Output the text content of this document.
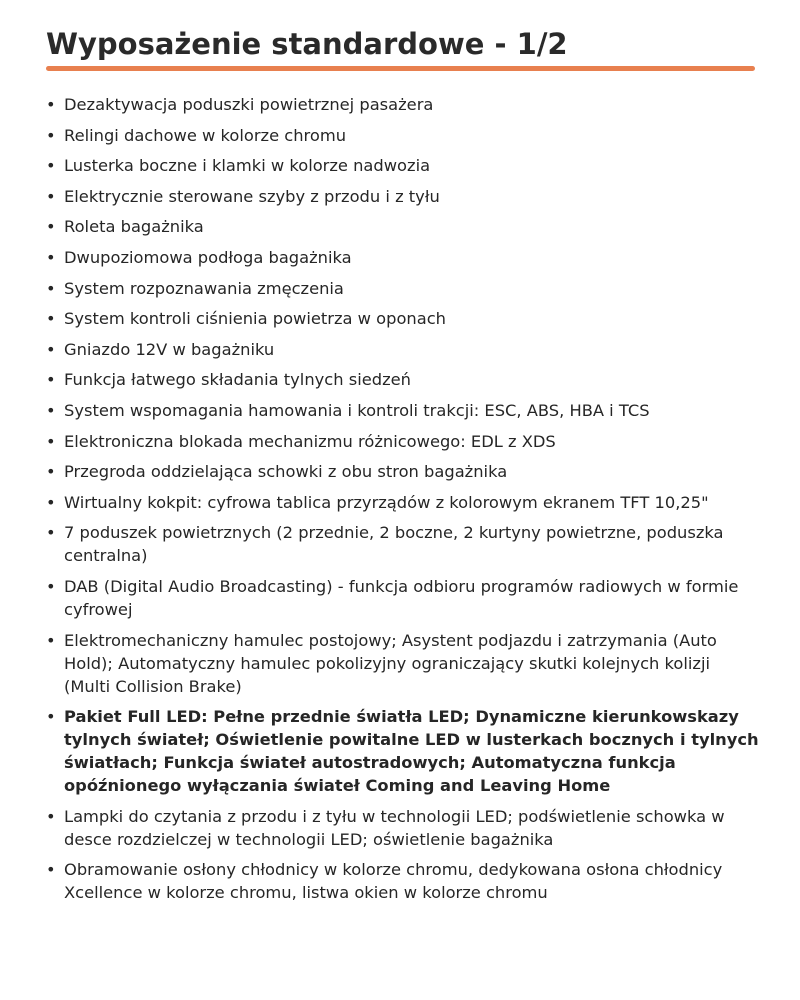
Wyposażenie standardowe - 1/2
• Dezaktywacja poduszki powietrznej pasażera
• Relingi dachowe w kolorze chromu
• Lusterka boczne i klamki w kolorze nadwozia
• Elektrycznie sterowane szyby z przodu i z tyłu
• Roleta bagażnika
• Dwupoziomowa podłoga bagażnika
• System rozpoznawania zmęczenia
• System kontroli ciśnienia powietrza w oponach
• Gniazdo 12V w bagażniku
• Funkcja łatwego składania tylnych siedzeń
• System wspomagania hamowania i kontroli trakcji: ESC, ABS, HBA i TCS
• Elektroniczna blokada mechanizmu różnicowego: EDL z XDS
• Przegroda oddzielająca schowki z obu stron bagażnika
• Wirtualny kokpit: cyfrowa tablica przyrządów z kolorowym ekranem TFT 10,25"
• 7 poduszek powietrznych (2 przednie, 2 boczne, 2 kurtyny powietrzne, poduszka centralna)
• DAB (Digital Audio Broadcasting) - funkcja odbioru programów radiowych w formie cyfrowej
• Elektromechaniczny hamulec postojowy; Asystent podjazdu i zatrzymania (Auto Hold); Automatyczny hamulec pokolizyjny ograniczający skutki kolejnych kolizji (Multi Collision Brake)
• Pakiet Full LED: Pełne przednie światła LED; Dynamiczne kierunkowskazy tylnych świateł; Oświetlenie powitalne LED w lusterkach bocznych i tylnych światłach; Funkcja świateł autostradowych; Automatyczna funkcja opóźnionego wyłączania świateł Coming and Leaving Home
• Lampki do czytania z przodu i z tyłu w technologii LED; podświetlenie schowka w desce rozdzielczej w technologii LED; oświetlenie bagażnika
• Obramowanie osłony chłodnicy w kolorze chromu, dedykowana osłona chłodnicy Xcellence w kolorze chromu, listwa okien w kolorze chromu
